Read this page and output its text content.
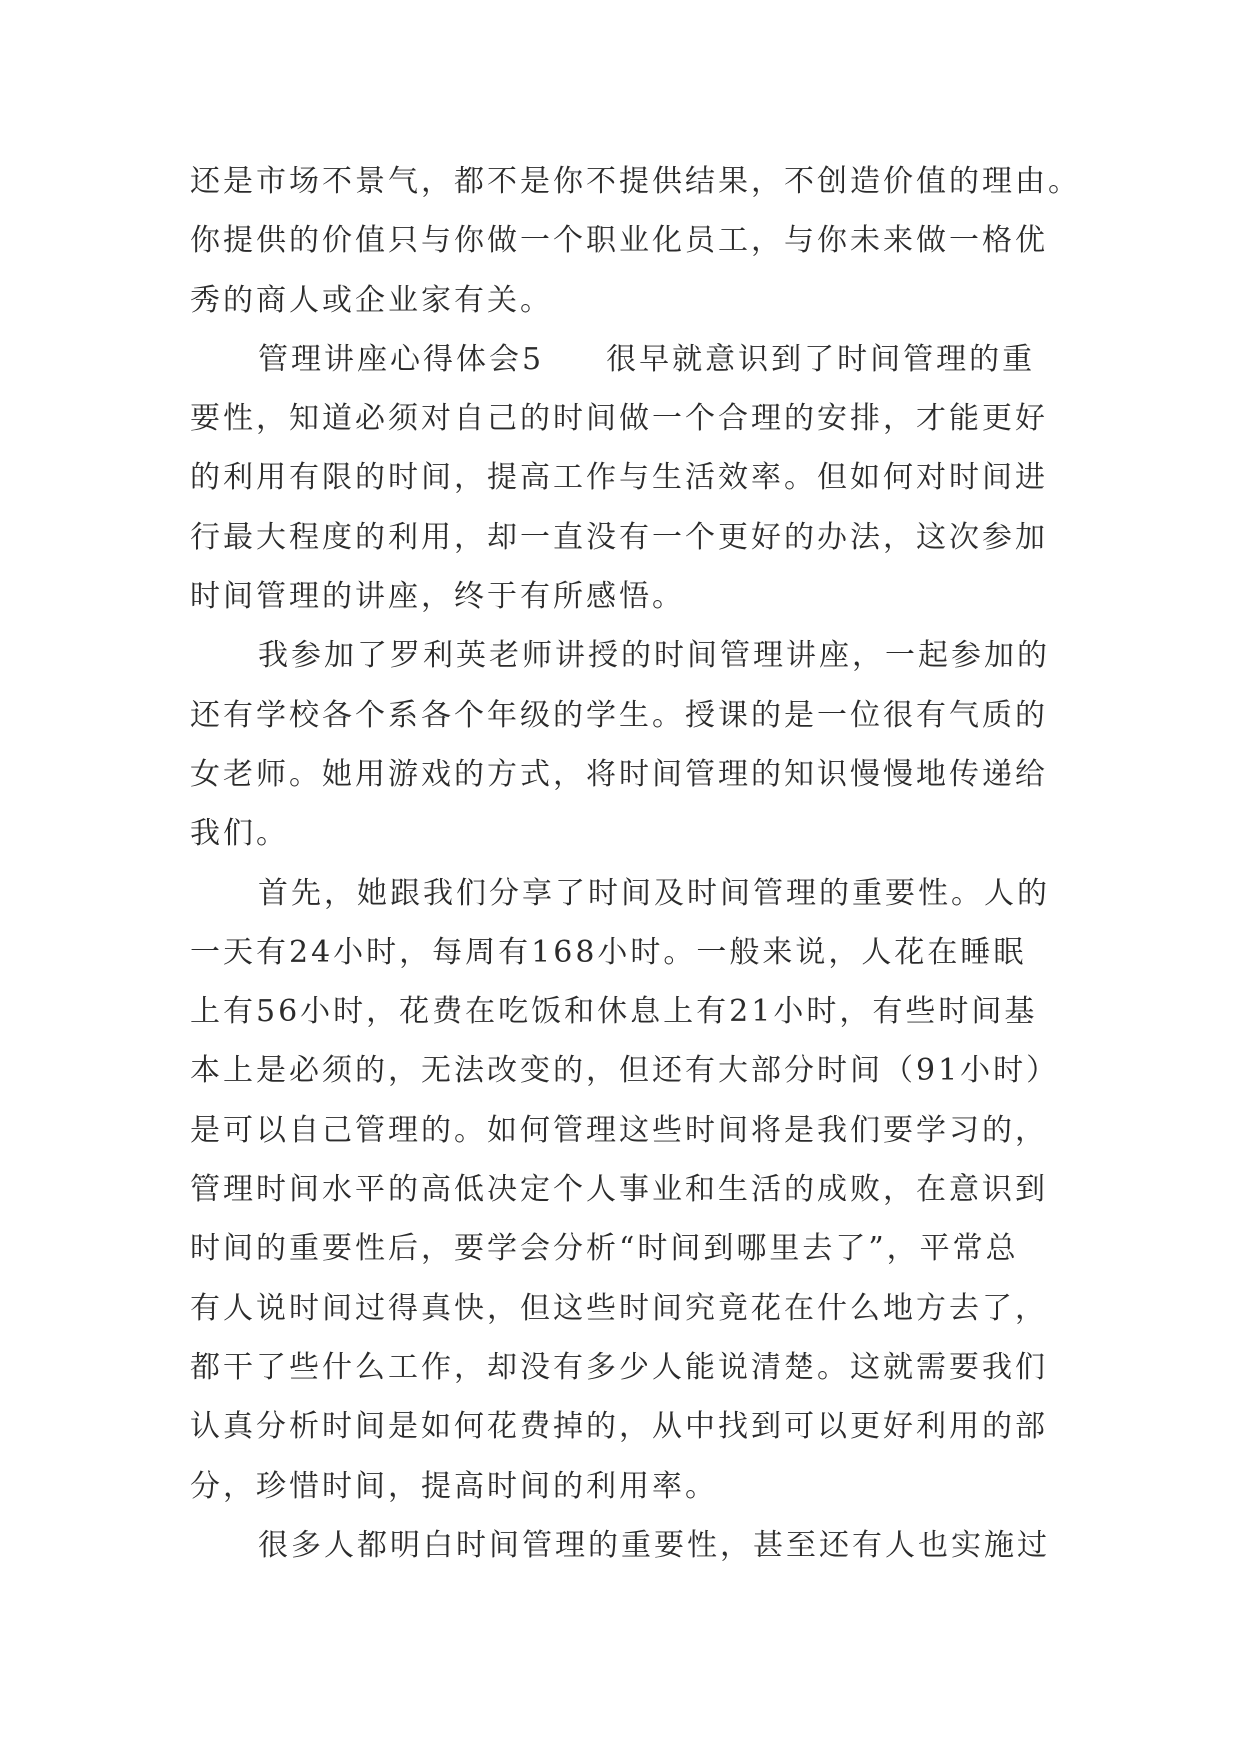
还是市场不景气，都不是你不提供结果，不创造价值的理由。
你提供的价值只与你做一个职业化员工，与你未来做一格优
秀的商人或企业家有关。
管理讲座心得体会5 很早就意识到了时间管理的重
要性，知道必须对自己的时间做一个合理的安排，才能更好
的利用有限的时间，提高工作与生活效率。但如何对时间进
行最大程度的利用，却一直没有一个更好的办法，这次参加
时间管理的讲座，终于有所感悟。
我参加了罗利英老师讲授的时间管理讲座，一起参加的
还有学校各个系各个年级的学生。授课的是一位很有气质的
女老师。她用游戏的方式，将时间管理的知识慢慢地传递给
我们。
首先，她跟我们分享了时间及时间管理的重要性。人的
一天有24小时，每周有168小时。一般来说，人花在睡眠
上有56小时，花费在吃饭和休息上有21小时，有些时间基
本上是必须的，无法改变的，但还有大部分时间（91小时）
是可以自己管理的。如何管理这些时间将是我们要学习的，
管理时间水平的高低决定个人事业和生活的成败，在意识到
时间的重要性后，要学会分析“时间到哪里去了”，平常总
有人说时间过得真快，但这些时间究竟花在什么地方去了，
都干了些什么工作，却没有多少人能说清楚。这就需要我们
认真分析时间是如何花费掉的，从中找到可以更好利用的部
分，珍惜时间，提高时间的利用率。
很多人都明白时间管理的重要性，甚至还有人也实施过
